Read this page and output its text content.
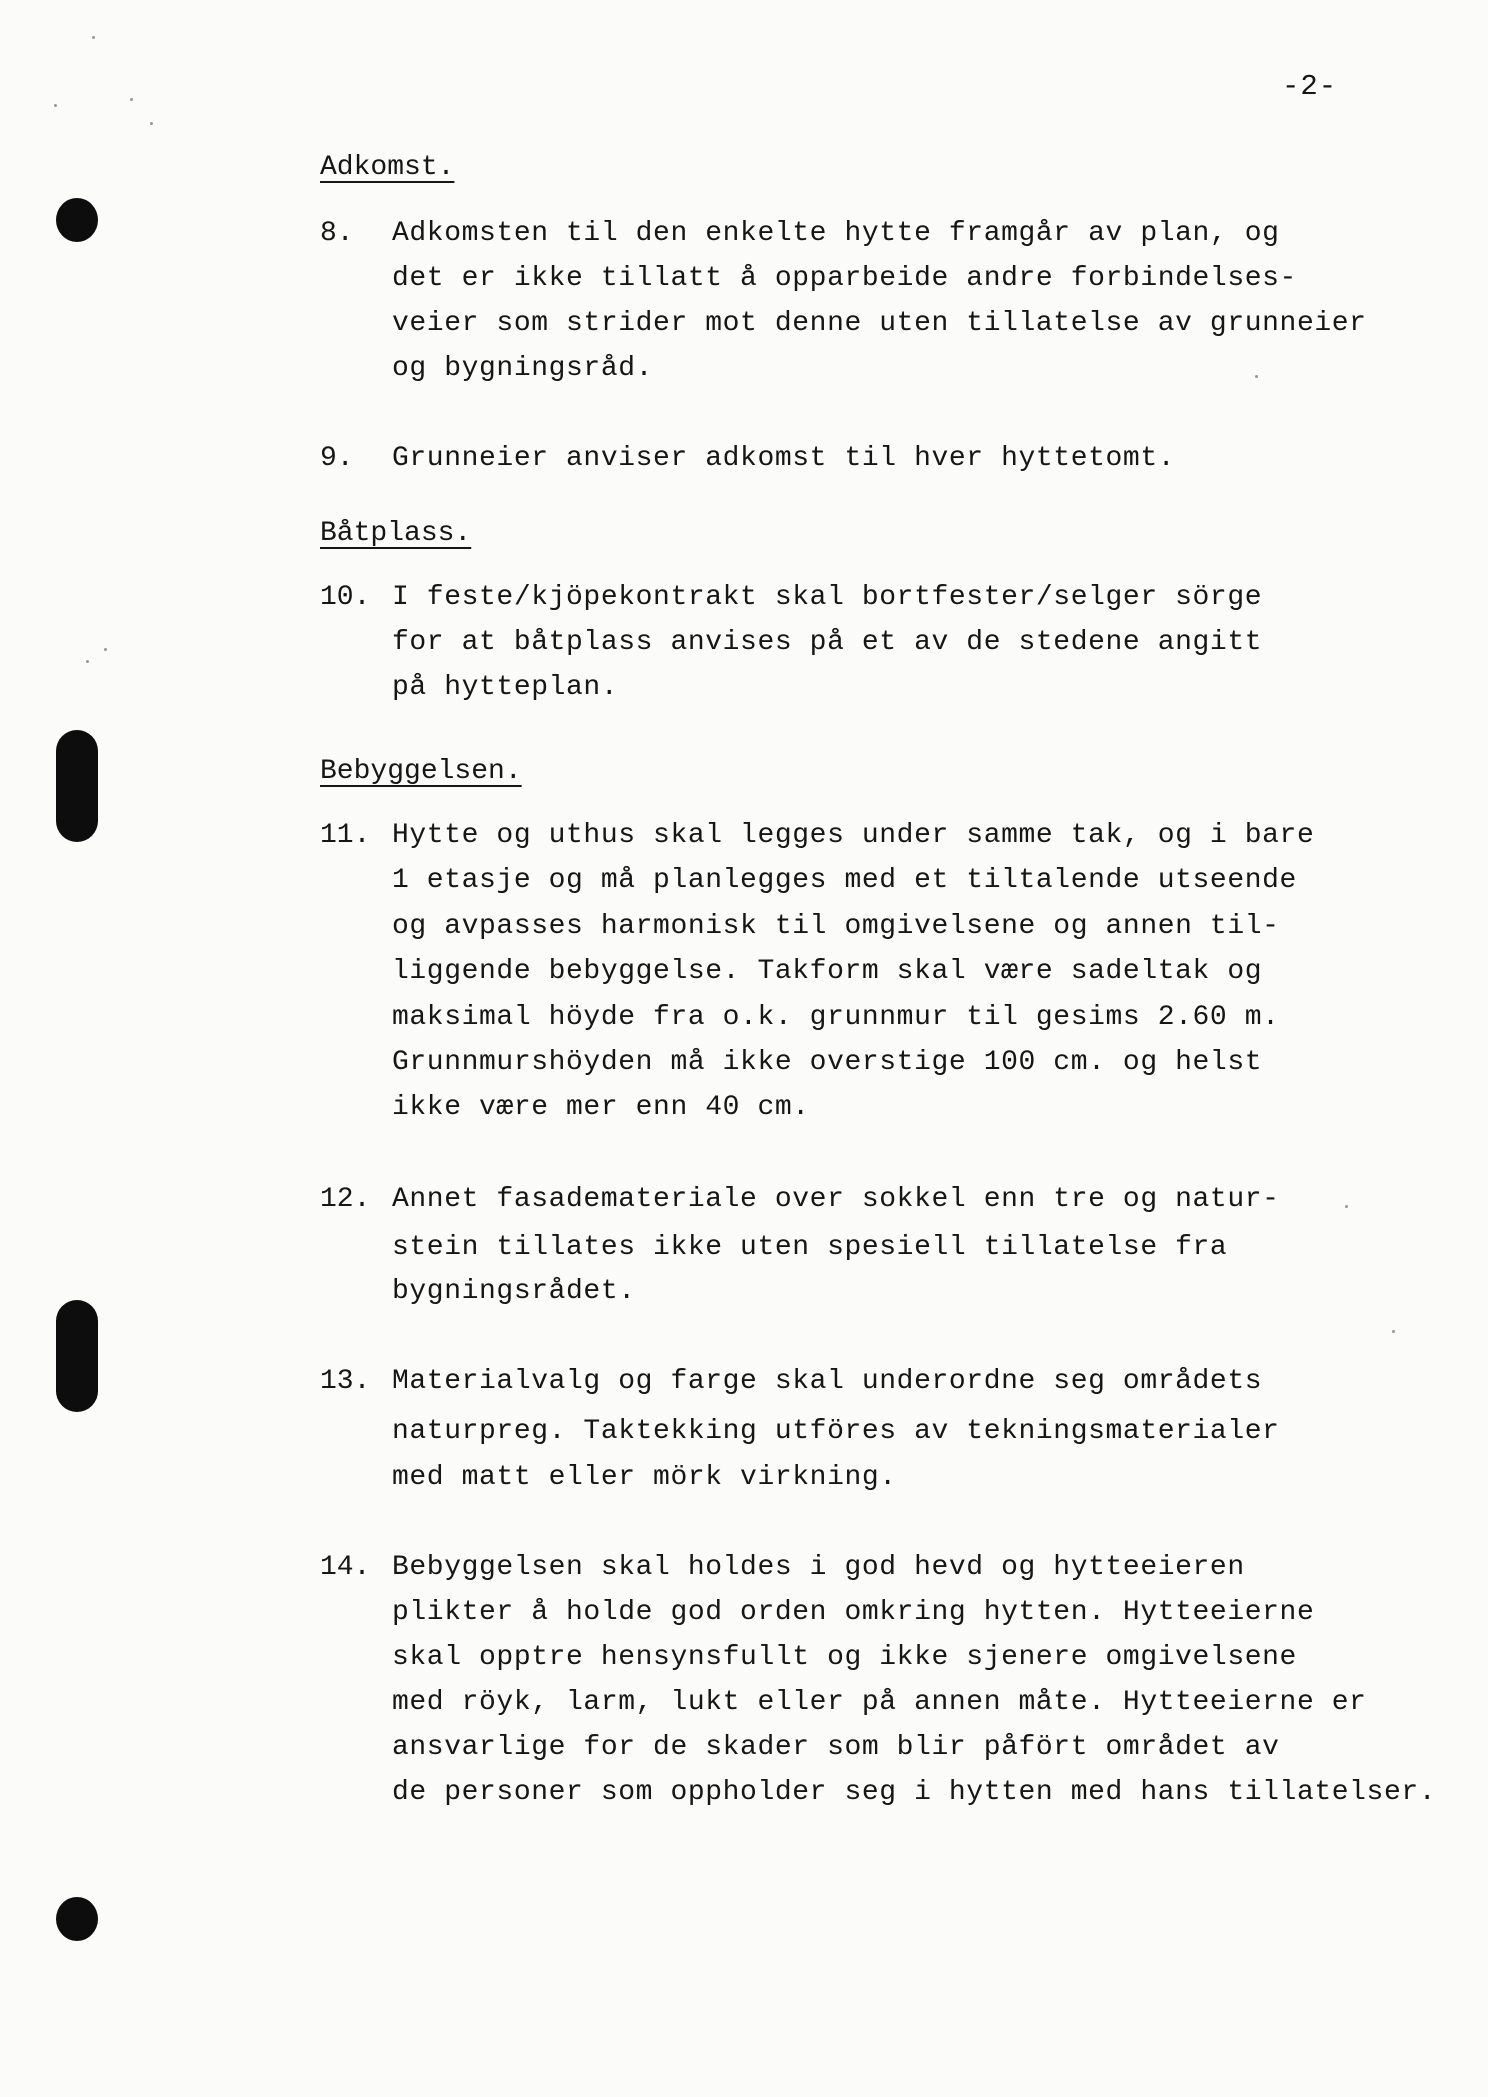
-2-
Adkomst.
8. Adkomsten til den enkelte hytte framgår av plan, og
det er ikke tillatt å opparbeide andre forbindelses-
veier som strider mot denne uten tillatelse av grunneier
og bygningsråd.
9. Grunneier anviser adkomst til hver hyttetomt.
Båtplass.
10. I feste/kjöpekontrakt skal bortfester/selger sörge
for at båtplass anvises på et av de stedene angitt
på hytteplan.
Bebyggelsen.
11. Hytte og uthus skal legges under samme tak, og i bare
1 etasje og må planlegges med et tiltalende utseende
og avpasses harmonisk til omgivelsene og annen til-
liggende bebyggelse. Takform skal være sadeltak og
maksimal höyde fra o.k. grunnmur til gesims 2.60 m.
Grunnmurshöyden må ikke overstige 100 cm. og helst
ikke være mer enn 40 cm.
12. Annet fasademateriale over sokkel enn tre og natur-
stein tillates ikke uten spesiell tillatelse fra
bygningsrådet.
13. Materialvalg og farge skal underordne seg områdets
naturpreg. Taktekking utföres av tekningsmaterialer
med matt eller mörk virkning.
14. Bebyggelsen skal holdes i god hevd og hytteeieren
plikter å holde god orden omkring hytten. Hytteeierne
skal opptre hensynsfullt og ikke sjenere omgivelsene
med röyk, larm, lukt eller på annen måte. Hytteeierne er
ansvarlige for de skader som blir påfört området av
de personer som oppholder seg i hytten med hans tillatelser.
